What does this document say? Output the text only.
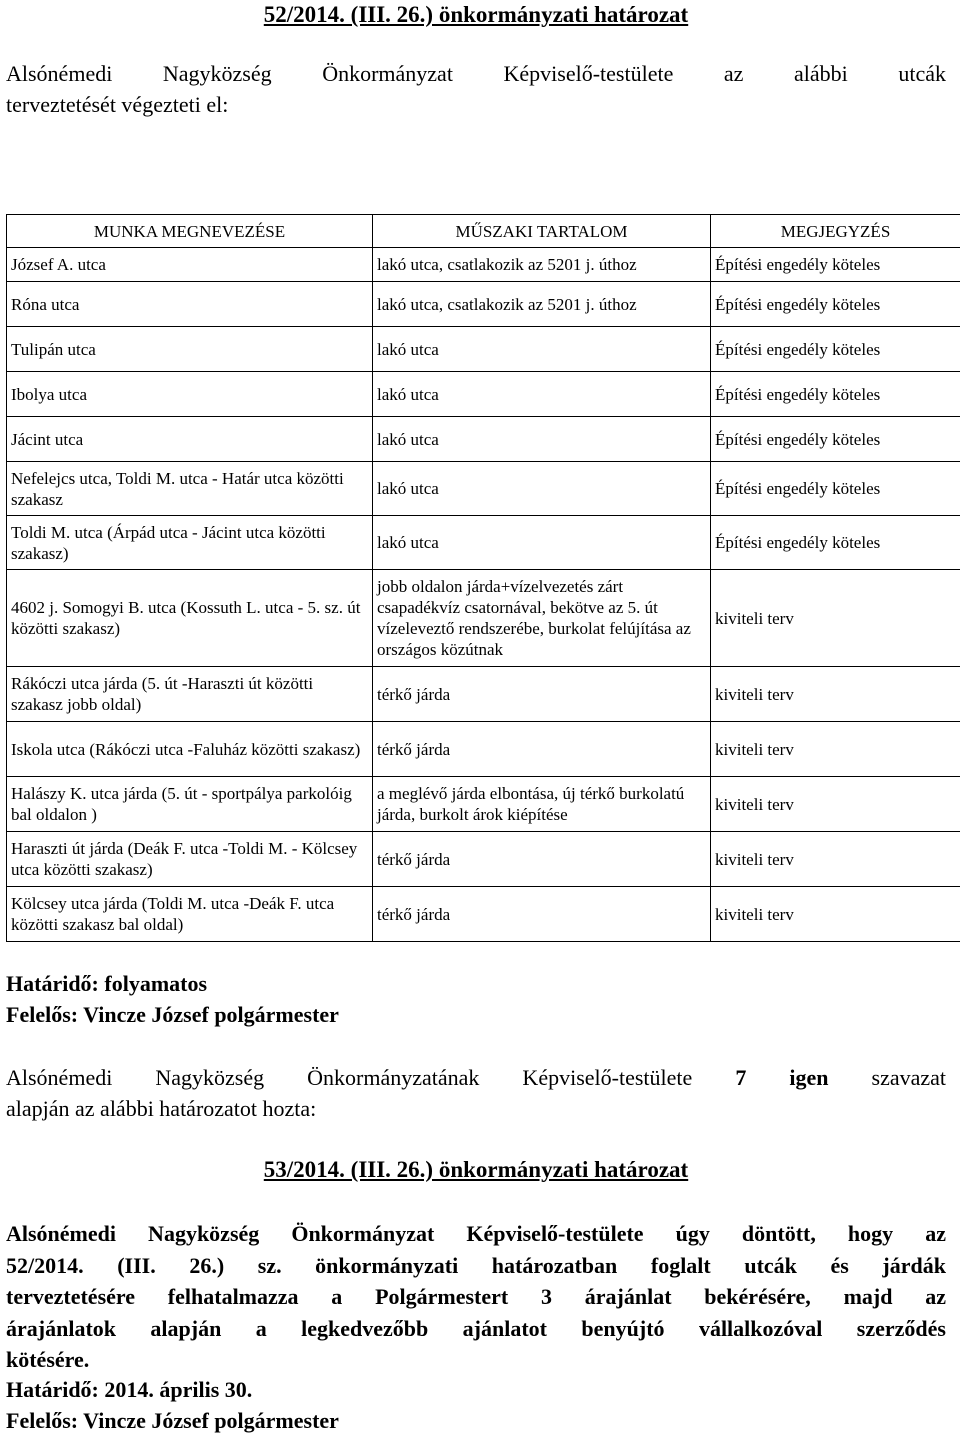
52/2014. (III. 26.) önkormányzati határozat
Alsónémedi Nagyközség Önkormányzat Képviselő-testülete az alábbi utcák
terveztetését végezteti el:
MUNKA MEGNEVEZÉSE	MŰSZAKI TARTALOM	MEGJEGYZÉS
József A. utca	lakó utca, csatlakozik az 5201 j. úthoz	Építési engedély köteles
Róna utca	lakó utca, csatlakozik az 5201 j. úthoz	Építési engedély köteles
Tulipán utca	lakó utca	Építési engedély köteles
Ibolya utca	lakó utca	Építési engedély köteles
Jácint utca	lakó utca	Építési engedély köteles
Nefelejcs utca, Toldi M. utca - Határ utca közötti szakasz	lakó utca	Építési engedély köteles
Toldi M. utca (Árpád utca - Jácint utca közötti szakasz)	lakó utca	Építési engedély köteles
4602 j. Somogyi B. utca (Kossuth L. utca - 5. sz. út közötti szakasz)	jobb oldalon járda+vízelvezetés zárt csapadékvíz csatornával, bekötve az 5. út vízeleveztő rendszerébe, burkolat felújítása az országos közútnak	kiviteli terv
Rákóczi utca járda (5. út -Haraszti út közötti szakasz jobb oldal)	térkő járda	kiviteli terv
Iskola utca (Rákóczi utca -Faluház közötti szakasz)	térkő járda	kiviteli terv
Halászy K. utca járda (5. út - sportpálya parkolóig bal oldalon )	a meglévő járda elbontása, új térkő burkolatú járda, burkolt árok kiépítése	kiviteli terv
Haraszti út járda (Deák F. utca -Toldi M. - Kölcsey utca közötti szakasz)	térkő járda	kiviteli terv
Kölcsey utca járda (Toldi M. utca -Deák F. utca közötti szakasz bal oldal)	térkő járda	kiviteli terv
Határidő: folyamatos
Felelős: Vincze József polgármester
Alsónémedi Nagyközség Önkormányzatának Képviselő-testülete 7 igen szavazat
alapján az alábbi határozatot hozta:
53/2014. (III. 26.) önkormányzati határozat
Alsónémedi Nagyközség Önkormányzat Képviselő-testülete úgy döntött, hogy az
52/2014. (III. 26.) sz. önkormányzati határozatban foglalt utcák és járdák
terveztetésére felhatalmazza a Polgármestert 3 árajánlat bekérésére, majd az
árajánlatok alapján a legkedvezőbb ajánlatot benyújtó vállalkozóval szerződés
kötésére.
Határidő: 2014. április 30.
Felelős: Vincze József polgármester
